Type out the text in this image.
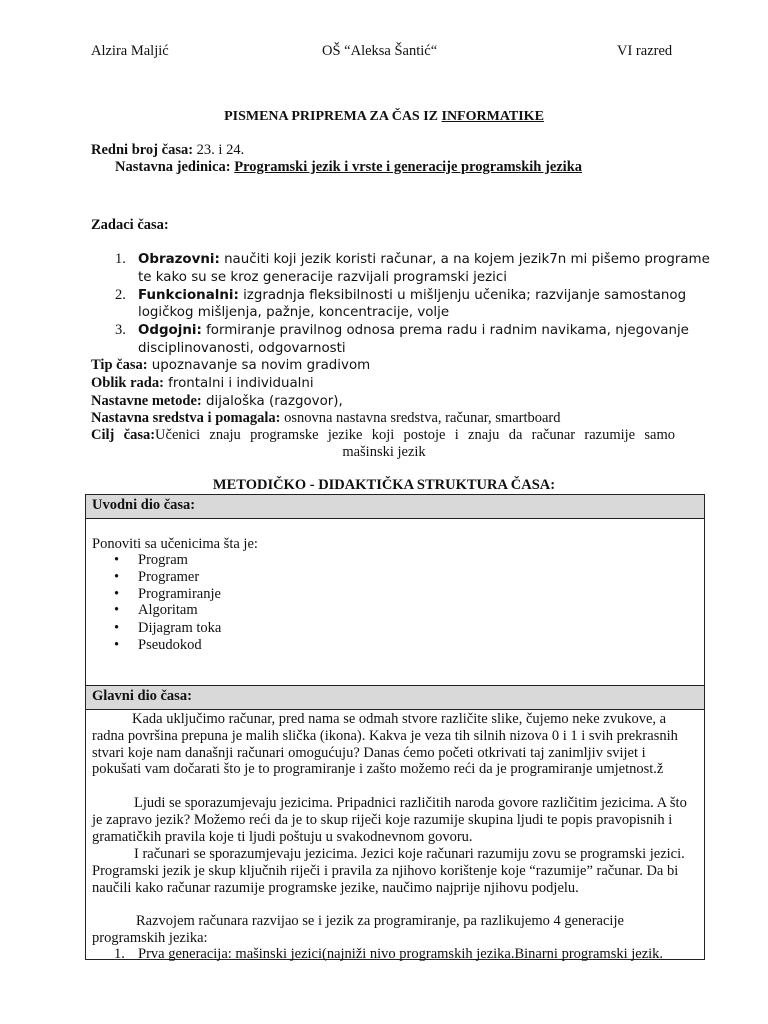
Alzira Maljić	OŠ “Aleksa Šantić“	VI razred
PISMENA PRIPREMA ZA ČAS IZ INFORMATIKE
Redni broj časa: 23. i 24.
Nastavna jedinica: Programski jezik i vrste i generacije programskih jezika
Zadaci časa:
1. Obrazovni: naučiti koji jezik koristi računar, a na kojem jezik7n mi pišemo programe
te kako su se kroz generacije razvijali programski jezici
2. Funkcionalni: izgradnja fleksibilnosti u mišljenju učenika; razvijanje samostanog
logičkog mišljenja, pažnje, koncentracije, volje
3. Odgojni: formiranje pravilnog odnosa prema radu i radnim navikama, njegovanje
disciplinovanosti, odgovarnosti
Tip časa: upoznavanje sa novim gradivom
Oblik rada: frontalni i individualni
Nastavne metode: dijaloška (razgovor),
Nastavna sredstva i pomagala: osnovna nastavna sredstva, računar, smartboard
Cilj časa:Učenici znaju programske jezike koji postoje i znaju da računar razumije samo
mašinski jezik
METODIČKO - DIDAKTIČKA STRUKTURA ČASA:
Uvodni dio časa:
Ponoviti sa učenicima šta je:
• Program
• Programer
• Programiranje
• Algoritam
• Dijagram toka
• Pseudokod
Glavni dio časa:
Kada uključimo računar, pred nama se odmah stvore različite slike, čujemo neke zvukove, a radna površina prepuna je malih slička (ikona). Kakva je veza tih silnih nizova 0 i 1 i svih prekrasnih stvari koje nam današnji računari omogućuju? Danas ćemo početi otkrivati taj zanimljiv svijet i pokušati vam dočarati što je to programiranje i zašto možemo reći da je programiranje umjetnost.ž
Ljudi se sporazumjevaju jezicima. Pripadnici različitih naroda govore različitim jezicima. A što je zapravo jezik? Možemo reći da je to skup riječi koje razumije skupina ljudi te popis pravopisnih i gramatičkih pravila koje ti ljudi poštuju u svakodnevnom govoru.
I računari se sporazumjevaju jezicima. Jezici koje računari razumiju zovu se programski jezici. Programski jezik je skup ključnih riječi i pravila za njihovo korištenje koje “razumije” računar. Da bi naučili kako računar razumije programske jezike, naučimo najprije njihovu podjelu.
Razvojem računara razvijao se i jezik za programiranje, pa razlikujemo 4 generacije programskih jezika:
1. Prva generacija: mašinski jezici(najniži nivo programskih jezika.Binarni programski jezik.
